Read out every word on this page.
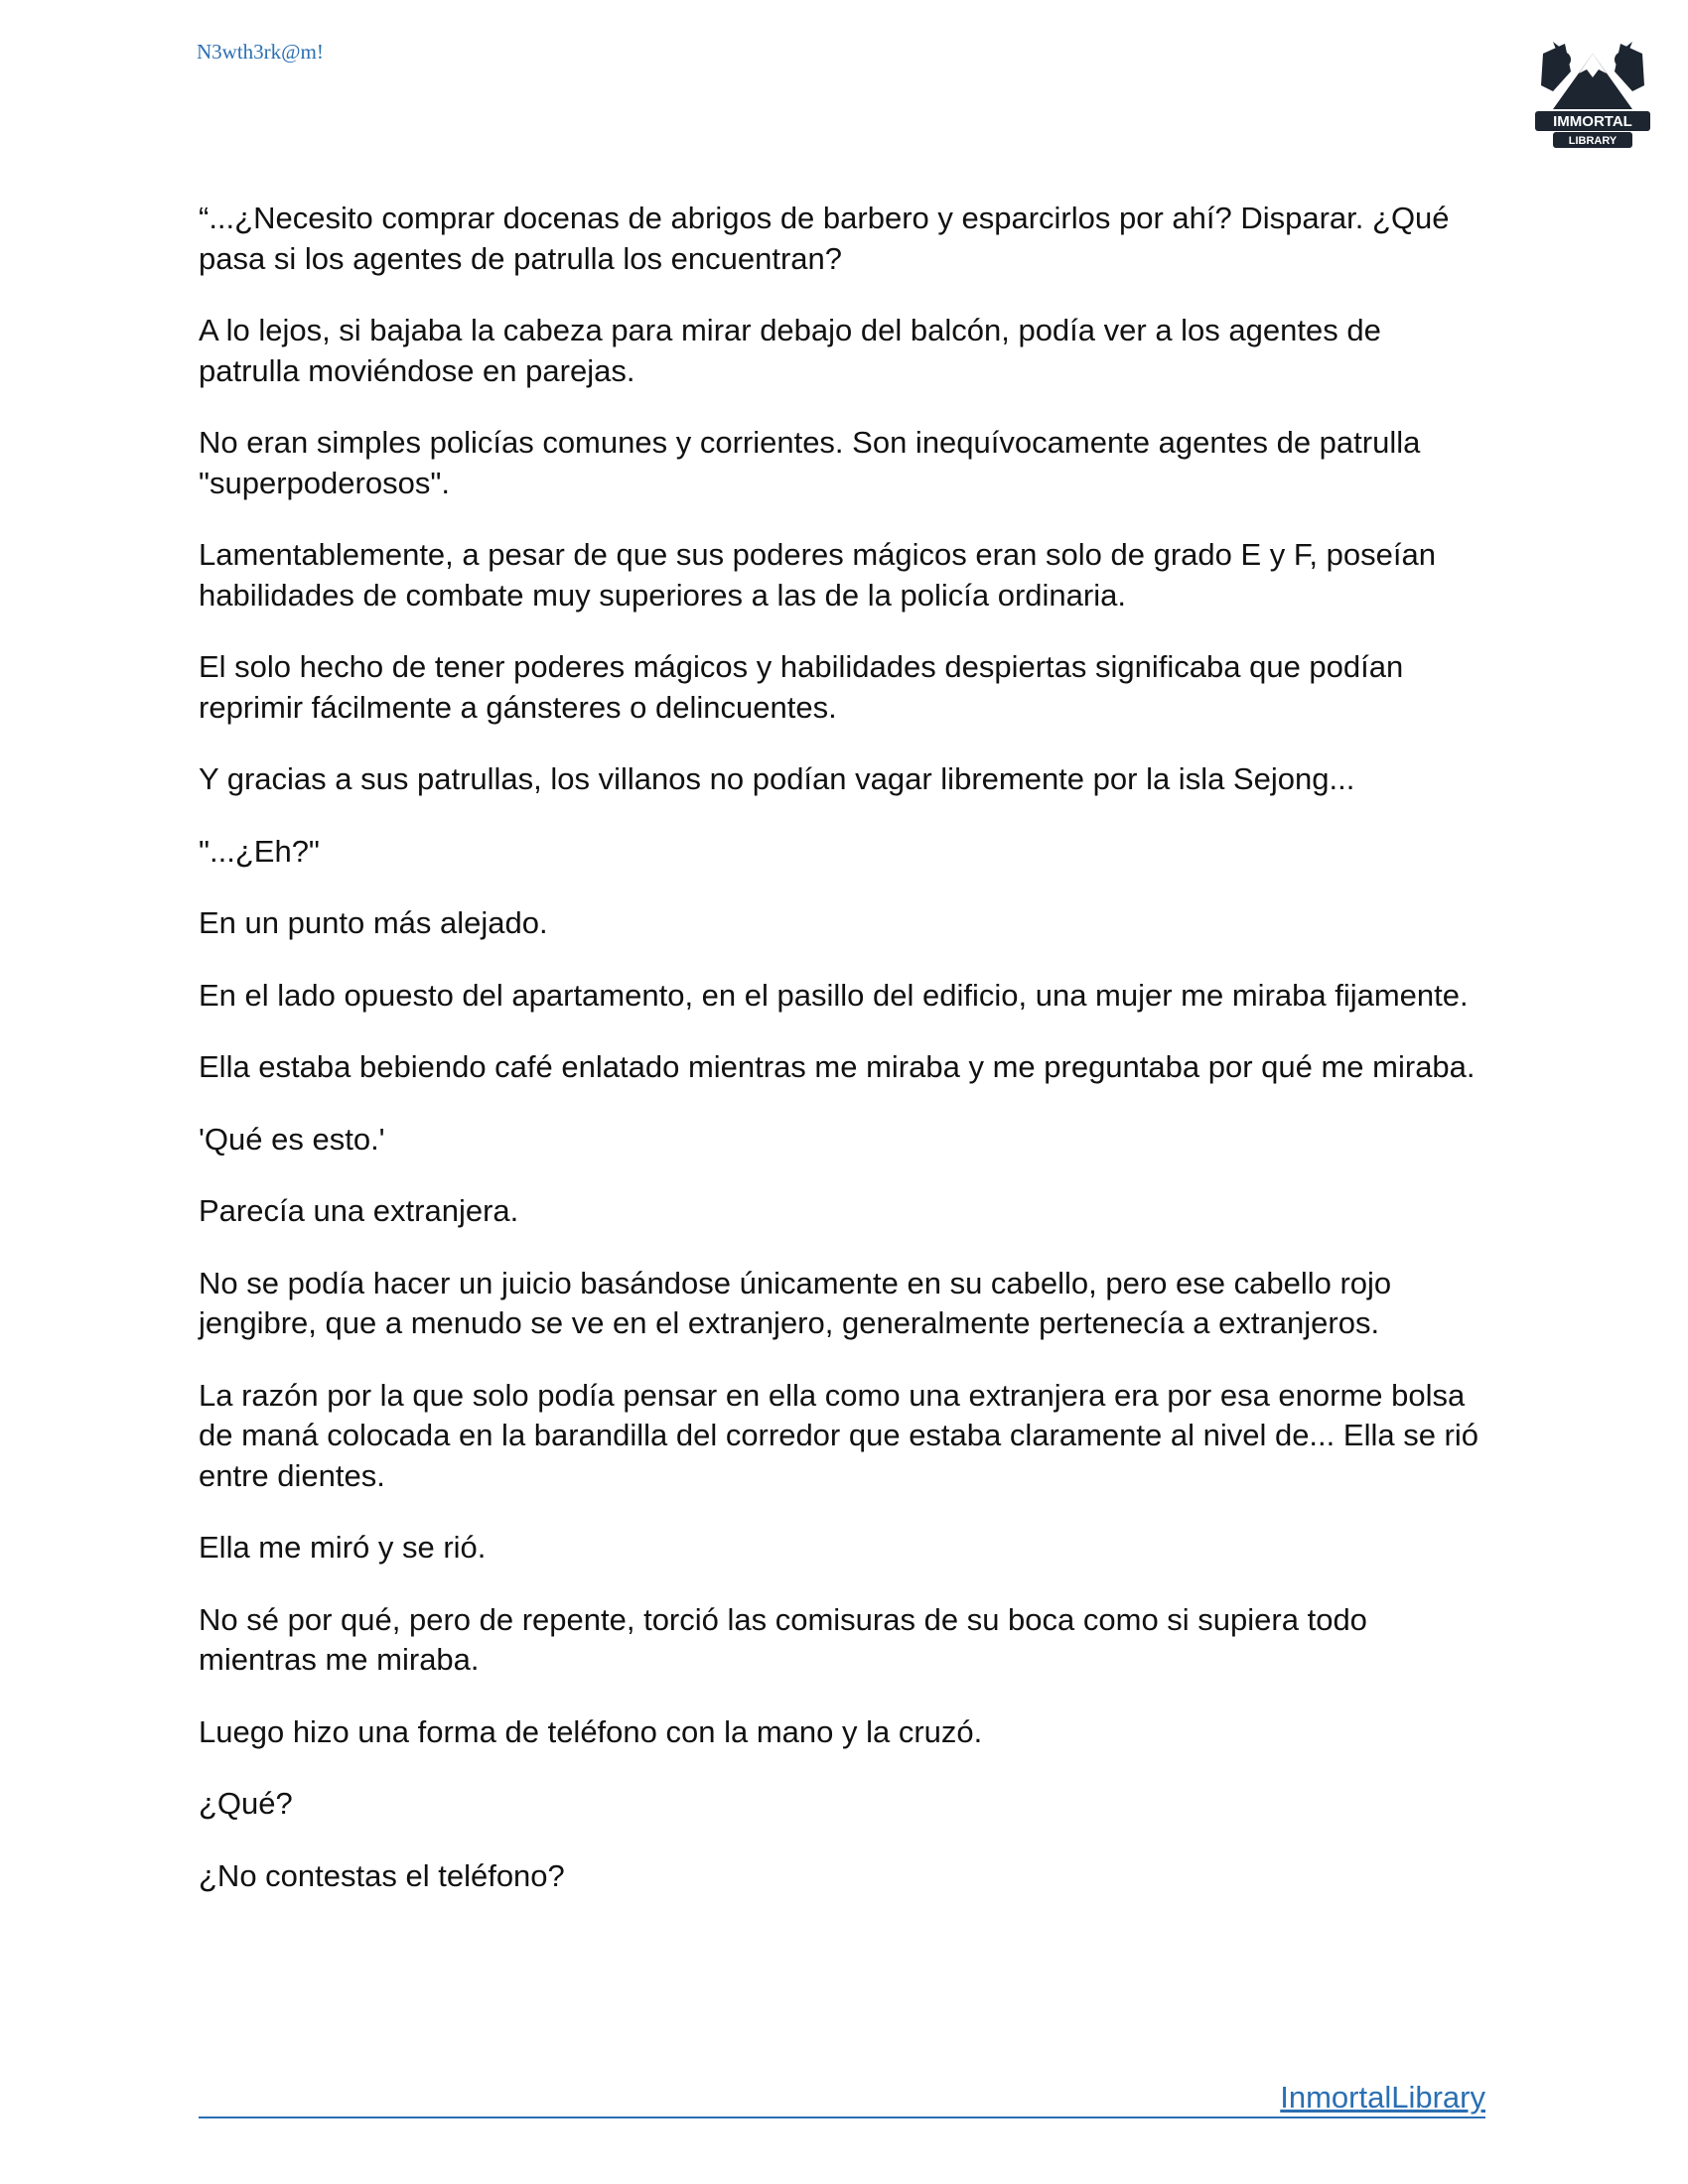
N3wth3rk@m!
IMMORTAL
LIBRARY

“...¿Necesito comprar docenas de abrigos de barbero y esparcirlos por ahí? Disparar. ¿Qué pasa si los agentes de patrulla los encuentran?

A lo lejos, si bajaba la cabeza para mirar debajo del balcón, podía ver a los agentes de patrulla moviéndose en parejas.

No eran simples policías comunes y corrientes. Son inequívocamente agentes de patrulla "superpoderosos".

Lamentablemente, a pesar de que sus poderes mágicos eran solo de grado E y F, poseían habilidades de combate muy superiores a las de la policía ordinaria.

El solo hecho de tener poderes mágicos y habilidades despiertas significaba que podían reprimir fácilmente a gánsteres o delincuentes.

Y gracias a sus patrullas, los villanos no podían vagar libremente por la isla Sejong...

"...¿Eh?"

En un punto más alejado.

En el lado opuesto del apartamento, en el pasillo del edificio, una mujer me miraba fijamente.

Ella estaba bebiendo café enlatado mientras me miraba y me preguntaba por qué me miraba.

'Qué es esto.'

Parecía una extranjera.

No se podía hacer un juicio basándose únicamente en su cabello, pero ese cabello rojo jengibre, que a menudo se ve en el extranjero, generalmente pertenecía a extranjeros.

La razón por la que solo podía pensar en ella como una extranjera era por esa enorme bolsa de maná colocada en la barandilla del corredor que estaba claramente al nivel de... Ella se rió entre dientes.

Ella me miró y se rió.

No sé por qué, pero de repente, torció las comisuras de su boca como si supiera todo mientras me miraba.

Luego hizo una forma de teléfono con la mano y la cruzó.

¿Qué?

¿No contestas el teléfono?

InmortalLibrary
